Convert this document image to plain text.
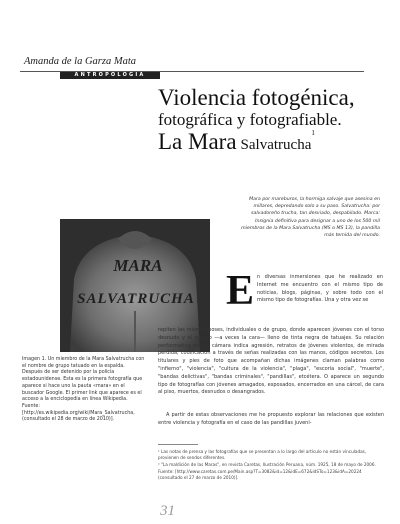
Amanda de la Garza Mata
ANTROPOLOGÍA
Violencia fotogénica,
fotográfica y fotografiable.
La Mara Salvatrucha$^1$
Mara por mareburos, la hormiga salvaje que asesina en millares, depredando solo a su paso. Salvatrucha: por salvadoreño trucha, tan desviado, despabilado. Marca: Insígnia definitiva para designar a uno de los 500 mil miembros de la Mara Salvatrucha (MS o MS 13), la pandilla más temida del mundo.
MARA
SALVATRUCHA
Imagen 1. Un miembro de la Mara Salvatrucha con el nombre de grupo tatuado en la espalda. Después de ser detenido por la policía estadounidense. Esta es la primera fotografía que aparece si hace uno la pauta «mara» en el buscador Google. El primer link que aparece es el acceso a la enciclopedia en línea Wikipedia. Fuente: [http://es.wikipedia.org/wiki/Mara_Salvatrucha, (consultado el 28 de marzo de 2010)].
E n diversas inmersiones que he realizado en Internet me encuentro con el mismo tipo de noticias, blogs, páginas, y sobre todo con el mismo tipo de fotografías. Una y otra vez se
repiten las mismas poses, individuales o de grupo, donde aparecen jóvenes con el torso desnudo y el cuerpo —a veces la cara— lleno de tinta negra de tatuajes. Su relación performativa con la cámara indica agresión, retratos de jóvenes violentos, de mirada perdida, codificación a través de señas realizadas con las manos, códigos secretos. Los titulares y pies de foto que acompañan dichas imágenes claman palabras como "infierno", "violencia", "cultura de la violencia", "plaga", "escoria social", "muerte", "bandas delictivas", "bandas criminales", "pandillas", etcétera. O aparece un segundo tipo de fotografías con jóvenes amagados, esposados, encerrados en una cárcel, de cara al piso, muertos, desnudos o desangrados.
A partir de estas observaciones me he propuesto explorar las relaciones que existen entre violencia y fotografía en el caso de las pandillas juveni-

¹ Las notas de prensa y las fotografías que se presentan a lo largo del artículo no están vinculadas, provienen de sendos diferentes.

² "La maldición de las Maras", en revista Caretas, Ilustración Peruana, núm. 1925, 18 de mayo de 2006. Fuente: [http://www.caretas.com.pe/Main.asp?T=3082&id=12&idE=672&idSTo=123&idA=20224 (consultado el 27 de marzo de 2010)].

31
